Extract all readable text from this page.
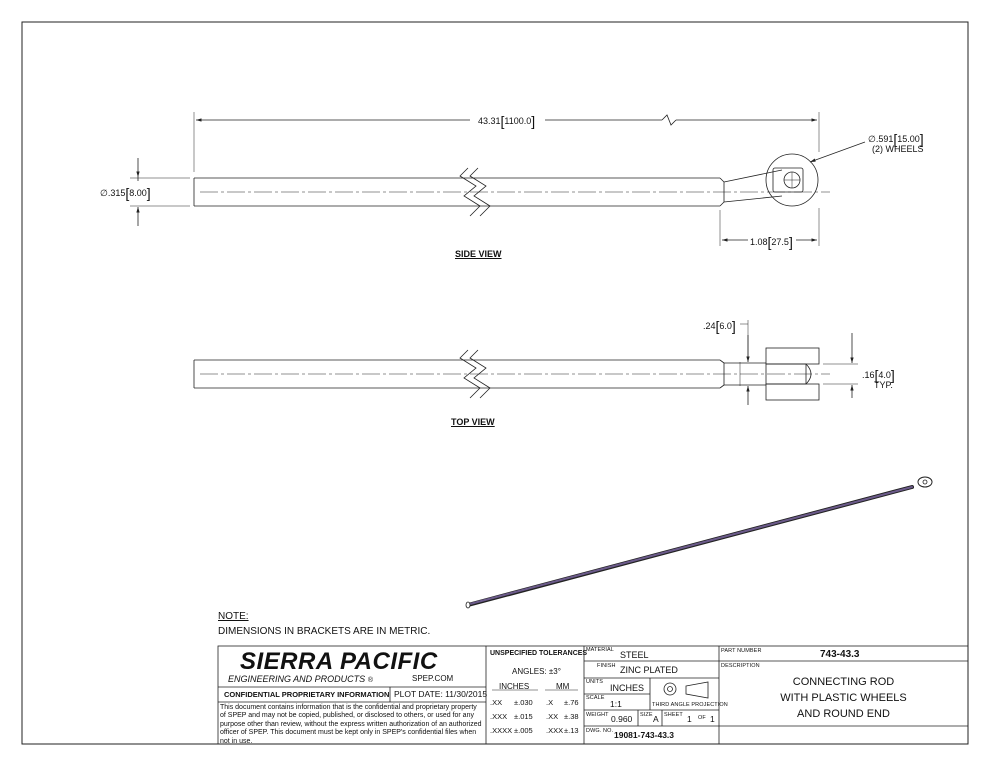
43.31[1100.0]
∅.315[8.00]
∅.591[15.00]
(2) WHEELS
1.08[27.5]
SIDE VIEW
.24[6.0]
.16[4.0]
TYP.
TOP VIEW
NOTE:
DIMENSIONS IN BRACKETS ARE IN METRIC.
SIERRA PACIFIC
ENGINEERING AND PRODUCTS ®	SPEP.COM
CONFIDENTIAL PROPRIETARY INFORMATION PLOT DATE: 11/30/2015
This document contains information that is the confidential and proprietary property of SPEP and may not be copied, published, or disclosed to others, or used for any purpose other than review, without the express written authorization of an authorized officer of SPEP. This document must be kept only in SPEP's confidential files when not in use.
UNSPECIFIED TOLERANCES
ANGLES: ±3°
INCHES	MM
.XX ±.030 .X ±.76
.XXX ±.015 .XX ±.38
.XXXX ±.005 .XXX ±.13
MATERIAL STEEL
FINISH ZINC PLATED
UNITS
INCHES
SCALE
1:1	THIRD ANGLE PROJECTION
WEIGHT 0.960 SIZE A SHEET 1 OF 1
DWG. NO. 19081-743-43.3
PART NUMBER	743-43.3
DESCRIPTION
CONNECTING ROD
WITH PLASTIC WHEELS
AND ROUND END
